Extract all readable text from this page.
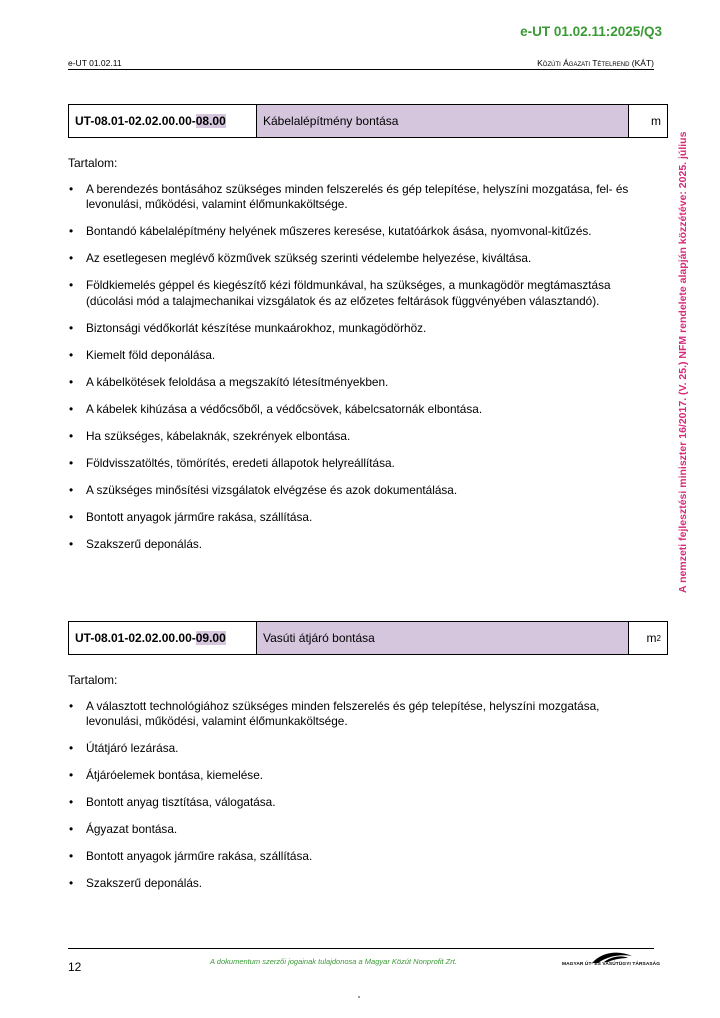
e-UT 01.02.11:2025/Q3
e-UT 01.02.11	Közúti Ágazati Tételrend (KÁT)
A nemzeti fejlesztési miniszter 16/2017. (V. 25.) NFM rendelete alapján közzétéve: 2025. július
UT-08.01-02.02.00.00- 08.00	Kábelalépítmény bontása	m
Tartalom:
• A berendezés bontásához szükséges minden felszerelés és gép telepítése, helyszíni mozgatása, fel- és levonulási, működési, valamint élőmunkaköltsége.
• Bontandó kábelalépítmény helyének műszeres keresése, kutatóárkok ásása, nyomvonal-kitűzés.
• Az esetlegesen meglévő közművek szükség szerinti védelembe helyezése, kiváltása.
• Földkiemelés géppel és kiegészítő kézi földmunkával, ha szükséges, a munkagödör megtámasztása (dúcolási mód a talajmechanikai vizsgálatok és az előzetes feltárások függvényében választandó).
• Biztonsági védőkorlát készítése munkaárokhoz, munkagödörhöz.
• Kiemelt föld deponálása.
• A kábelkötések feloldása a megszakító létesítményekben.
• A kábelek kihúzása a védőcsőből, a védőcsövek, kábelcsatornák elbontása.
• Ha szükséges, kábelaknák, szekrények elbontása.
• Földvisszatöltés, tömörítés, eredeti állapotok helyreállítása.
• A szükséges minősítési vizsgálatok elvégzése és azok dokumentálása.
• Bontott anyagok járműre rakása, szállítása.
• Szakszerű deponálás.
UT-08.01-02.02.00.00- 09.00	Vasúti átjáró bontása	m 2
Tartalom:
• A választott technológiához szükséges minden felszerelés és gép telepítése, helyszíni mozgatása, levonulási, működési, valamint élőmunkaköltsége.
• Útátjáró lezárása.
• Átjáróelemek bontása, kiemelése.
• Bontott anyag tisztítása, válogatása.
• Ágyazat bontása.
• Bontott anyagok járműre rakása, szállítása.
• Szakszerű deponálás.
12	A dokumentum szerzői jogainak tulajdonosa a Magyar Közút Nonprofit Zrt.	MAGYAR ÚT- ÉS VASÚTÜGYI TÁRSASÁG
